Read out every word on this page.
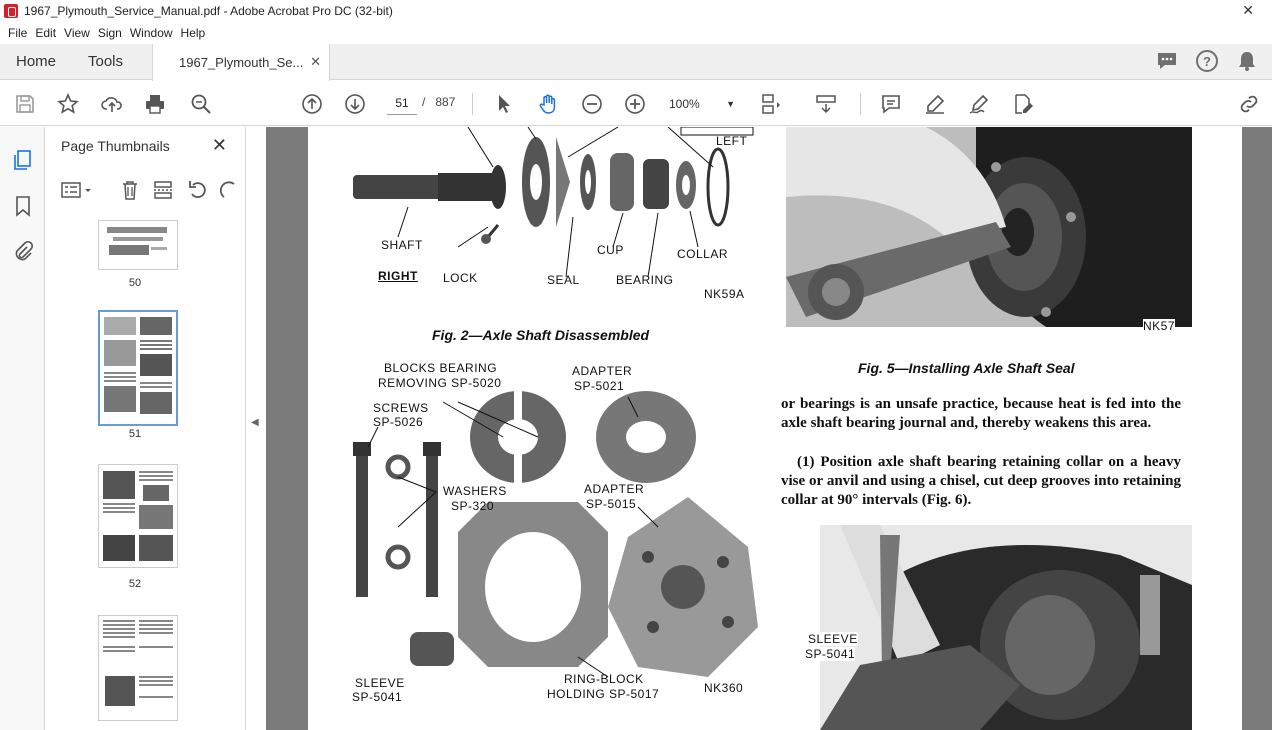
1967_Plymouth_Service_Manual.pdf - Adobe Acrobat Pro DC (32-bit)	✕
File Edit View Sign Window Help
Home Tools	1967_Plymouth_Se... ✕	?
51	/ 887	100%	▼
Page Thumbnails ✕
50
51
52
◀
LEFT
SHAFT
RIGHT LOCK	SEAL
CUP
BEARING
COLLAR
NK59A
Fig. 2—Axle Shaft Disassembled
NK57
Fig. 5—Installing Axle Shaft Seal
BLOCKS BEARING
REMOVING SP-5020
ADAPTER
SP-5021
SCREWS
SP-5026
WASHERS
SP-320
ADAPTER
SP-5015
SLEEVE
SP-5041
RING-BLOCK
HOLDING SP-5017	NK360
or bearings is an unsafe practice, because heat is fed into the axle shaft bearing journal and, thereby weakens this area.
(1) Position axle shaft bearing retaining collar on a heavy vise or anvil and using a chisel, cut deep grooves into retaining collar at 90° intervals (Fig. 6).
SLEEVE
SP-5041
